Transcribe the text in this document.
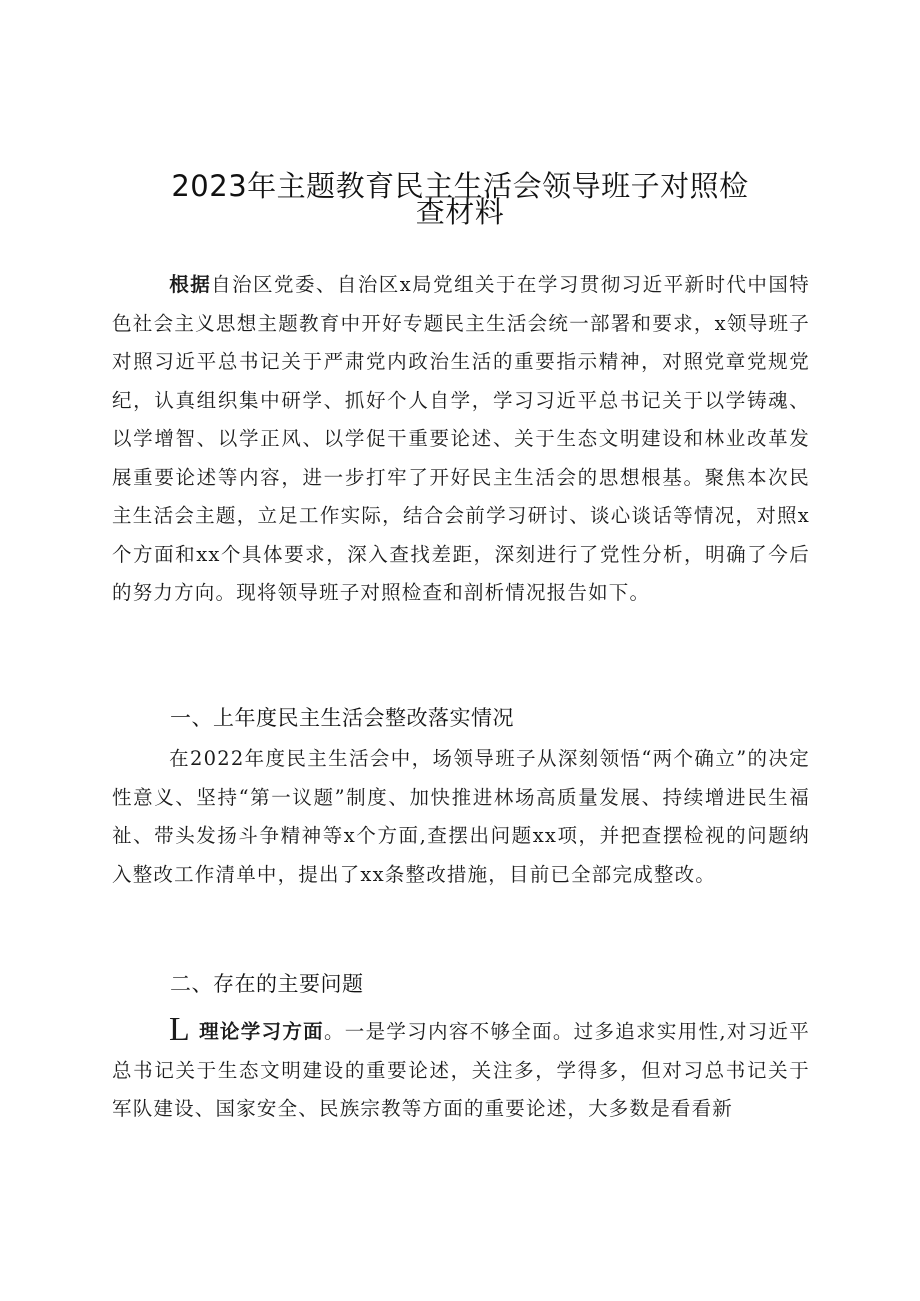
2023年主题教育民主生活会领导班子对照检
查材料
根据自治区党委、自治区x局党组关于在学习贯彻习近平新时代中国特色社会主义思想主题教育中开好专题民主生活会统一部署和要求，x领导班子对照习近平总书记关于严肃党内政治生活的重要指示精神，对照党章党规党纪，认真组织集中研学、抓好个人自学，学习习近平总书记关于以学铸魂、以学增智、以学正风、以学促干重要论述、关于生态文明建设和林业改革发展重要论述等内容，进一步打牢了开好民主生活会的思想根基。聚焦本次民主生活会主题，立足工作实际，结合会前学习研讨、谈心谈话等情况，对照x个方面和xx个具体要求，深入查找差距，深刻进行了党性分析，明确了今后的努力方向。现将领导班子对照检查和剖析情况报告如下。
一、上年度民主生活会整改落实情况
在2022年度民主生活会中，场领导班子从深刻领悟“两个确立”的决定性意义、坚持“第一议题”制度、加快推进林场高质量发展、持续增进民生福祉、带头发扬斗争精神等x个方面,查摆出问题xx项，并把查摆检视的问题纳入整改工作清单中，提出了xx条整改措施，目前已全部完成整改。
二、存在的主要问题
L理论学习方面。一是学习内容不够全面。过多追求实用性,对习近平总书记关于生态文明建设的重要论述，关注多，学得多，但对习总书记关于军队建设、国家安全、民族宗教等方面的重要论述，大多数是看看新
